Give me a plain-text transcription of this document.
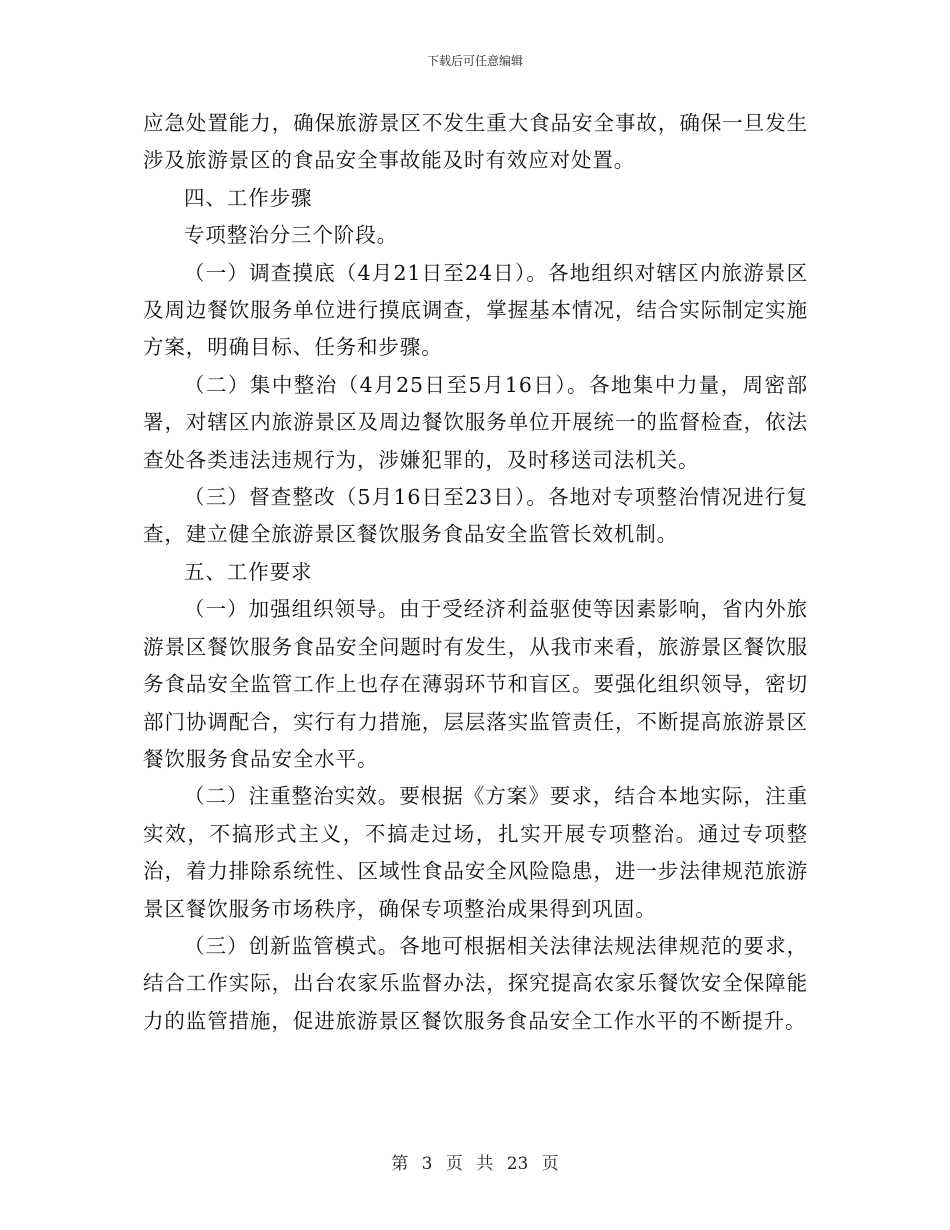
下载后可任意编辑

应急处置能力，确保旅游景区不发生重大食品安全事故，确保一旦发生涉及旅游景区的食品安全事故能及时有效应对处置。

四、工作步骤

专项整治分三个阶段。

（一）调查摸底（4月21日至24日）。各地组织对辖区内旅游景区及周边餐饮服务单位进行摸底调查，掌握基本情况，结合实际制定实施方案，明确目标、任务和步骤。

（二）集中整治（4月25日至5月16日）。各地集中力量，周密部署，对辖区内旅游景区及周边餐饮服务单位开展统一的监督检查，依法查处各类违法违规行为，涉嫌犯罪的，及时移送司法机关。

（三）督查整改（5月16日至23日）。各地对专项整治情况进行复查，建立健全旅游景区餐饮服务食品安全监管长效机制。

五、工作要求

（一）加强组织领导。由于受经济利益驱使等因素影响，省内外旅游景区餐饮服务食品安全问题时有发生，从我市来看，旅游景区餐饮服务食品安全监管工作上也存在薄弱环节和盲区。要强化组织领导，密切部门协调配合，实行有力措施，层层落实监管责任，不断提高旅游景区餐饮服务食品安全水平。

（二）注重整治实效。要根据《方案》要求，结合本地实际，注重实效，不搞形式主义，不搞走过场，扎实开展专项整治。通过专项整治，着力排除系统性、区域性食品安全风险隐患，进一步法律规范旅游景区餐饮服务市场秩序，确保专项整治成果得到巩固。

（三）创新监管模式。各地可根据相关法律法规法律规范的要求，结合工作实际，出台农家乐监督办法，探究提高农家乐餐饮安全保障能力的监管措施，促进旅游景区餐饮服务食品安全工作水平的不断提升。

第 3 页 共 23 页
